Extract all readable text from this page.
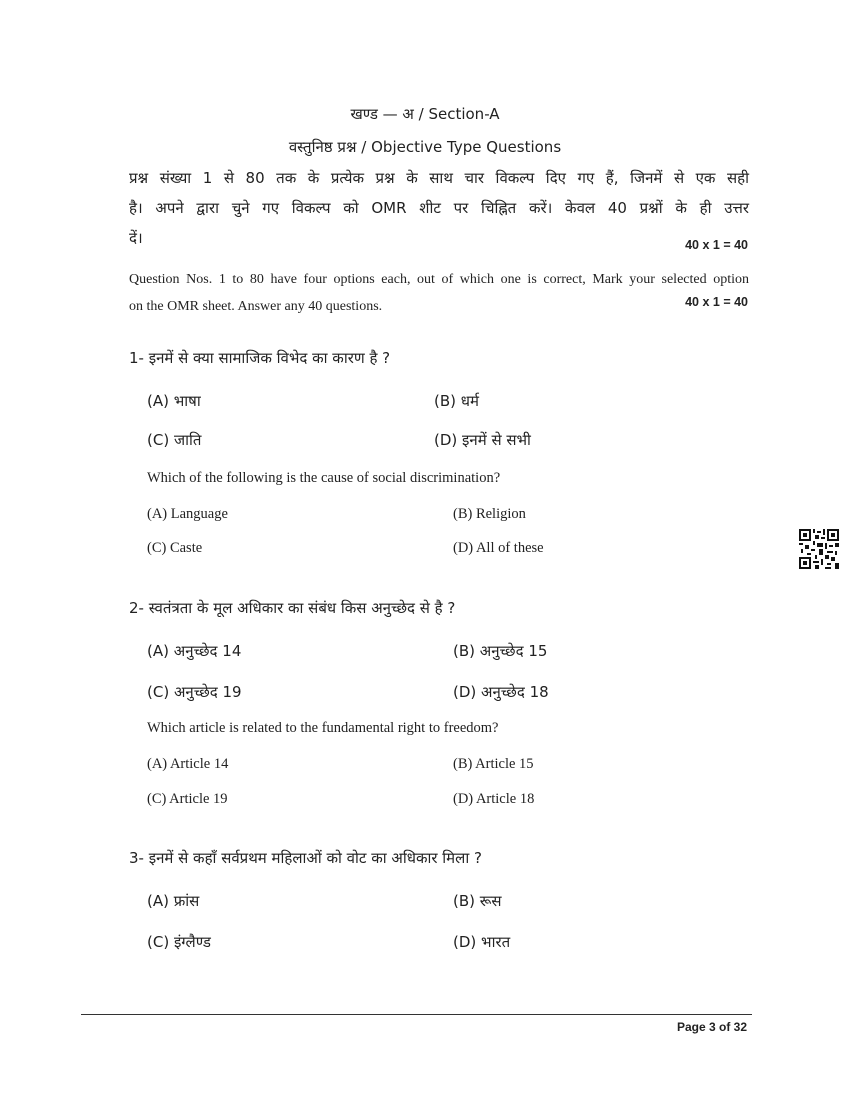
खण्ड — अ / Section-A
वस्तुनिष्ठ प्रश्न / Objective Type Questions
प्रश्न संख्या 1 से 80 तक के प्रत्येक प्रश्न के साथ चार विकल्प दिए गए हैं, जिनमें से एक सही
है। अपने द्वारा चुने गए विकल्प को OMR शीट पर चिह्नित करें। केवल 40 प्रश्नों के ही उत्तर
दें।	40 x 1 = 40
Question Nos. 1 to 80 have four options each, out of which one is correct, Mark your selected option
on the OMR sheet. Answer any 40 questions.	40 x 1 = 40
1- इनमें से क्या सामाजिक विभेद का कारण है ?
(A) भाषा	(B) धर्म
(C) जाति	(D) इनमें से सभी
Which of the following is the cause of social discrimination?
(A) Language	(B) Religion
(C) Caste	(D) All of these
2- स्वतंत्रता के मूल अधिकार का संबंध किस अनुच्छेद से है ?
(A) अनुच्छेद 14	(B) अनुच्छेद 15
(C) अनुच्छेद 19	(D) अनुच्छेद 18
Which article is related to the fundamental right to freedom?
(A) Article 14	(B) Article 15
(C) Article 19	(D) Article 18
3- इनमें से कहाँ सर्वप्रथम महिलाओं को वोट का अधिकार मिला ?
(A) फ्रांस	(B) रूस
(C) इंग्लैण्ड	(D) भारत
Page 3 of 32
